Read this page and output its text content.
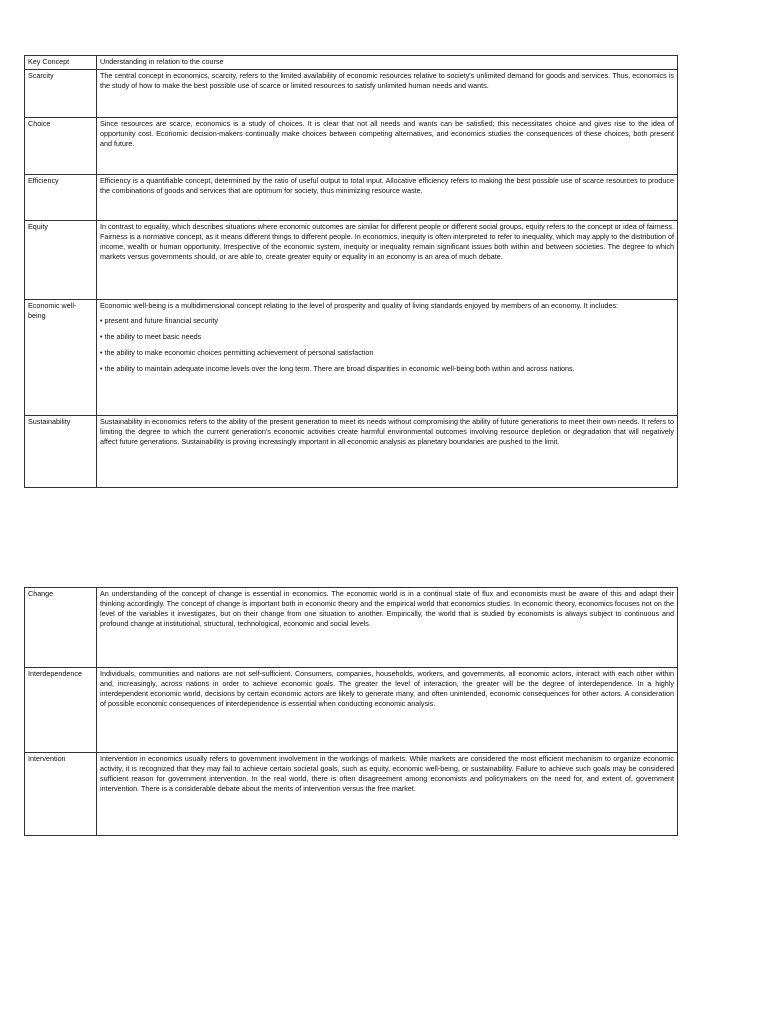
Key Concept	Understanding in relation to the course
Scarcity	The central concept in economics, scarcity, refers to the limited availability of economic resources relative to society's unlimited demand for goods and services. Thus, economics is the study of how to make the best possible use of scarce or limited resources to satisfy unlimited human needs and wants.

Choice	Since resources are scarce, economics is a study of choices. It is clear that not all needs and wants can be satisfied; this necessitates choice and gives rise to the idea of opportunity cost. Economic decision-makers continually make choices between competing alternatives, and economics studies the consequences of these choices, both present and future.

Efficiency	Efficiency is a quantifiable concept, determined by the ratio of useful output to total input. Allocative efficiency refers to making the best possible use of scarce resources to produce the combinations of goods and services that are optimum for society, thus minimizing resource waste.

Equity	In contrast to equality, which describes situations where economic outcomes are similar for different people or different social groups, equity refers to the concept or idea of fairness. Fairness is a normative concept, as it means different things to different people. In economics, inequity is often interpreted to refer to inequality, which may apply to the distribution of income, wealth or human opportunity. Irrespective of the economic system, inequity or inequality remain significant issues both within and between societies. The degree to which markets versus governments should, or are able to, create greater equity or equality in an economy is an area of much debate.

Economic well-being	Economic well-being is a multidimensional concept relating to the level of prosperity and quality of living standards enjoyed by members of an economy. It includes:

• present and future financial security

• the ability to meet basic needs

• the ability to make economic choices permitting achievement of personal satisfaction

• the ability to maintain adequate income levels over the long term. There are broad disparities in economic well-being both within and across nations.

Sustainability	Sustainability in economics refers to the ability of the present generation to meet its needs without compromising the ability of future generations to meet their own needs. It refers to limiting the degree to which the current generation's economic activities create harmful environmental outcomes involving resource depletion or degradation that will negatively affect future generations. Sustainability is proving increasingly important in all economic analysis as planetary boundaries are pushed to the limit.

Change	An understanding of the concept of change is essential in economics. The economic world is in a continual state of flux and economists must be aware of this and adapt their thinking accordingly. The concept of change is important both in economic theory and the empirical world that economics studies. In economic theory, economics focuses not on the level of the variables it investigates, but on their change from one situation to another. Empirically, the world that is studied by economists is always subject to continuous and profound change at institutional, structural, technological, economic and social levels.

Interdependence	Individuals, communities and nations are not self-sufficient. Consumers, companies, households, workers, and governments, all economic actors, interact with each other within and, increasingly, across nations in order to achieve economic goals. The greater the level of interaction, the greater will be the degree of interdependence. In a highly interdependent economic world, decisions by certain economic actors are likely to generate many, and often unintended, economic consequences for other actors. A consideration of possible economic consequences of interdependence is essential when conducting economic analysis.

Intervention	Intervention in economics usually refers to government involvement in the workings of markets. While markets are considered the most efficient mechanism to organize economic activity, it is recognized that they may fail to achieve certain societal goals, such as equity, economic well-being, or sustainability. Failure to achieve such goals may be considered sufficient reason for government intervention. In the real world, there is often disagreement among economists and policymakers on the need for, and extent of, government intervention. There is a considerable debate about the merits of intervention versus the free market.
